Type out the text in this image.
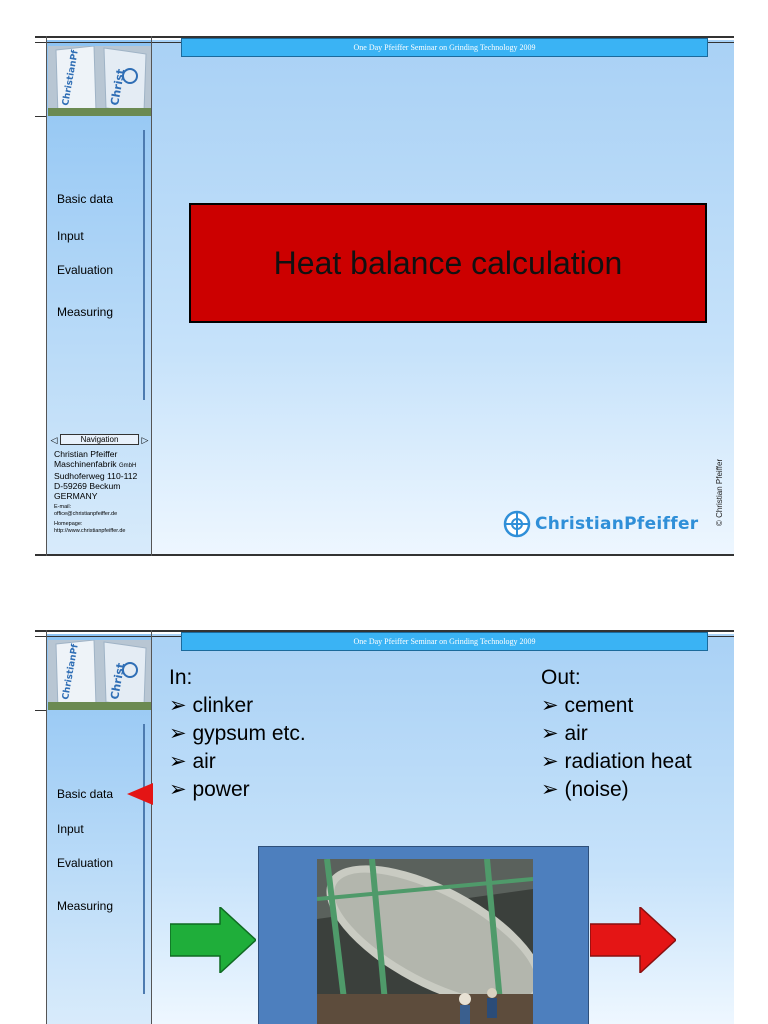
One Day Pfeiffer Seminar on Grinding Technology 2009
ChristianPf Christ
Basic data
Input
Evaluation
Measuring
◁	Navigation	▷
Christian Pfeiffer
Maschinenfabrik GmbH
Sudhoferweg 110-112
D-59269 Beckum
GERMANY
E-mail:
office@christianpfeiffer.de
Homepage:
http://www.christianpfeiffer.de
Heat balance calculation
© Christian Pfeiffer
ChristianPfeiffer
One Day Pfeiffer Seminar on Grinding Technology 2009
ChristianPf Christ
Basic data
Input
Evaluation
Measuring
In:
➢ clinker
➢ gypsum etc.
➢ air
➢ power
Out:
➢ cement
➢ air
➢ radiation heat
➢ (noise)
